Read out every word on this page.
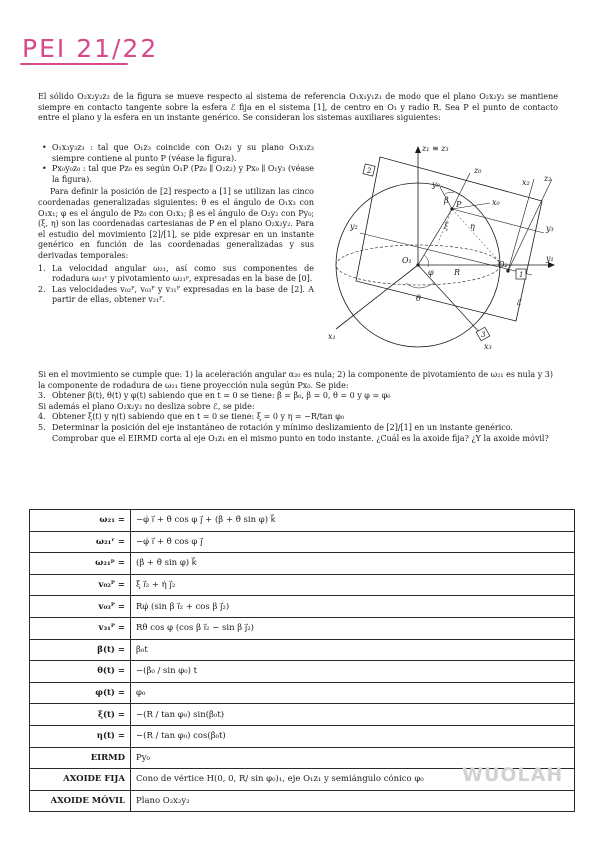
PEI 21/22

El sólido O₂x₂y₂z₂ de la figura se mueve respecto al sistema de referencia O₁x₁y₁z₁ de modo que el plano O₂x₂y₂ se mantiene siempre en contacto tangente sobre la esfera ℰ fija en el sistema [1], de centro en O₁ y radio R. Sea P el punto de contacto entre el plano y la esfera en un instante genérico. Se consideran los sistemas auxiliares siguientes:

• O₁x₃y₃z₃ : tal que O₁z₃ coincide con O₁z₁ y su plano O₁x₃z₃ siempre contiene al punto P (véase la figura).
• Px₀y₀z₀ : tal que Pz₀ es según O₁P (Pz₀ ∥ O₂z₂) y Px₀ ∥ O₁y₃ (véase la figura).

Para definir la posición de [2] respecto a [1] se utilizan las cinco coordenadas generalizadas siguientes: θ es el ángulo de O₁x₃ con O₁x₁; φ es el ángulo de Pz₀ con O₁x₃; β es el ángulo de O₂y₂ con Py₀; (ξ, η) son las coordenadas cartesianas de P en el plano O₂x₂y₂. Para el estudio del movimiento [2]/[1], se pide expresar en un instante genérico en función de las coordenadas generalizadas y sus derivadas temporales:

1. La velocidad angular ω₂₁, así como sus componentes de rodadura ω₂₁ʳ y pivotamiento ω₂₁ᵖ, expresadas en la base de [0].
2. Las velocidades v₀₂ᴾ, v₀₃ᴾ y v₃₁ᴾ expresadas en la base de [2]. A partir de ellas, obtener v₂₁ᴾ.
2
1
3
z₁ ≡ z₃
z₀
y₀
x₀
x₂ z₂
y₂	y₃
y₁
x₁
x₃
O₁	O₂
P
β
ξ	η
φ
θ
R
ℰ

Si en el movimiento se cumple que: 1) la aceleración angular α₂₀ es nula; 2) la componente de pivotamiento de ω₂₁ es nula y 3) la componente de rodadura de ω₂₁ tiene proyección nula según Px₀. Se pide:

3. Obtener β(t), θ(t) y φ(t) sabiendo que en t = 0 se tiene: β̇ = β̇₀, β = 0, θ = 0 y φ = φ₀

Si además el plano O₂x₂y₂ no desliza sobre ℰ, se pide:

4. Obtener ξ(t) y η(t) sabiendo que en t = 0 se tiene: ξ = 0 y η = −R/tan φ₀
5. Determinar la posición del eje instantáneo de rotación y mínimo deslizamiento de [2]/[1] en un instante genérico. Comprobar que el EIRMD corta al eje O₁z₁ en el mismo punto en todo instante. ¿Cuál es la axoide fija? ¿Y la axoide móvil?
ω₂₁ =	−φ̇ ı⃗ + θ̇ cos φ ȷ⃗ + (β̇ + θ̇ sin φ) k⃗
ω₂₁ʳ =	−φ̇ ı⃗ + θ̇ cos φ ȷ⃗
ω₂₁ᵖ =	(β̇ + θ̇ sin φ) k⃗
v₀₂ᴾ =	ξ̇ ı⃗₂ + η̇ ȷ⃗₂
v₀₃ᴾ =	Rφ̇ (sin β ı⃗₂ + cos β ȷ⃗₂)
v₃₁ᴾ =	Rθ̇ cos φ (cos β ı⃗₂ − sin β ȷ⃗₂)
β(t) =	β̇₀t
θ(t) =	−(β̇₀ / sin φ₀) t
φ(t) =	φ₀
ξ(t) =	−(R / tan φ₀) sin(β̇₀t)
η(t) =	−(R / tan φ₀) cos(β̇₀t)
EIRMD	Py₀
AXOIDE FIJA	Cono de vértice H(0, 0, R/ sin φ₀)₁, eje O₁z₁ y semiángulo cónico φ₀
AXOIDE MÓVIL	Plano O₂x₂y₂
WUOLAH
